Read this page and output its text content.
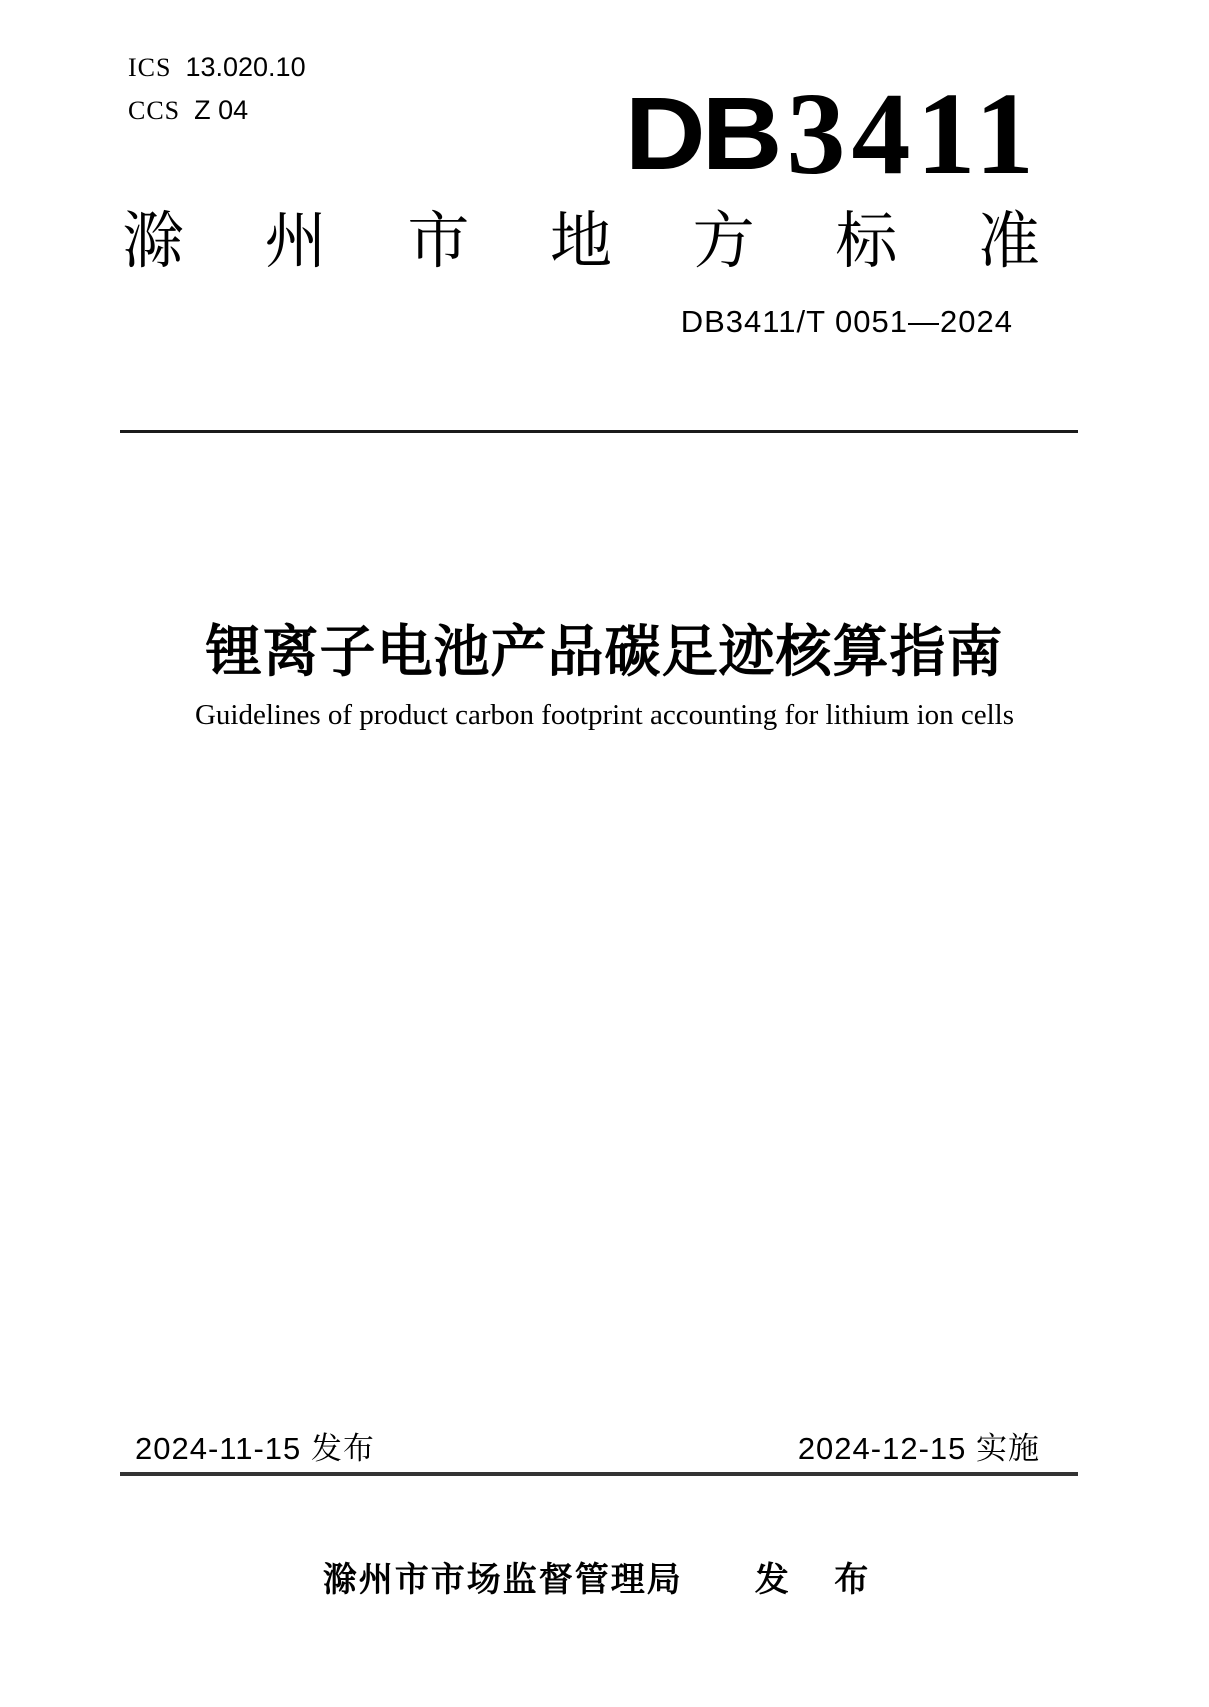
ICS 13.020.10
CCS Z 04	DB3411
滁州市地方标准
DB3411/T 0051—2024
锂离子电池产品碳足迹核算指南
Guidelines of product carbon footprint accounting for lithium ion cells
2024-11-15 发布	2024-12-15 实施
滁州市市场监督管理局 发 布
